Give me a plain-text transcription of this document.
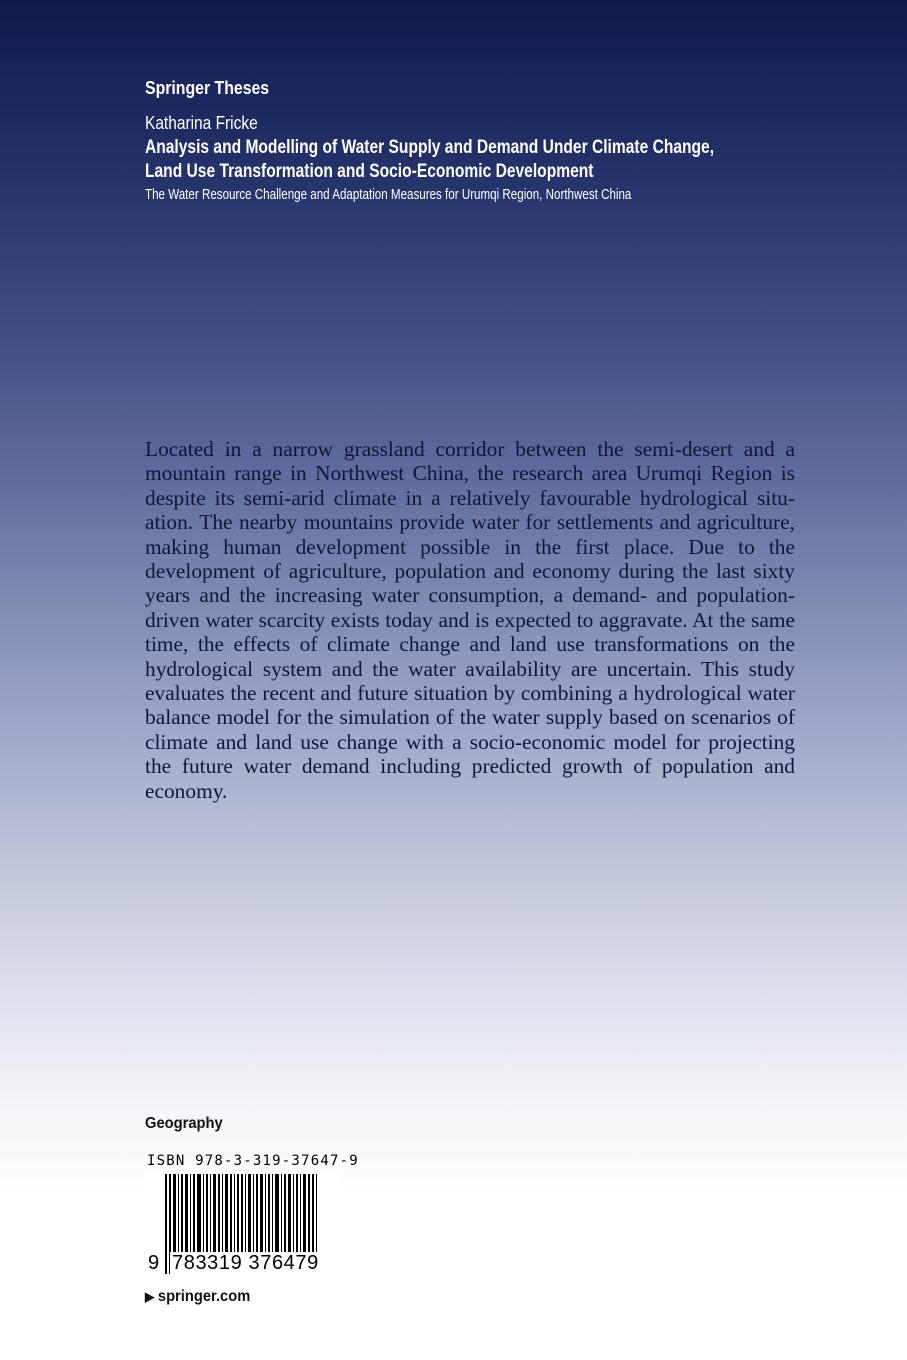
Springer Theses
Katharina Fricke
Analysis and Modelling of Water Supply and Demand Under Climate Change,
Land Use Transformation and Socio-Economic Development
The Water Resource Challenge and Adaptation Measures for Urumqi Region, Northwest China

Located in a narrow grassland corridor between the semi-desert and a mountain range in Northwest China, the research area Urumqi Region is despite its semi-arid climate in a relatively favourable hydrological situation. The nearby mountains provide water for settlements and agriculture, making human development possible in the first place. Due to the development of agriculture, population and economy during the last sixty years and the increasing water consumption, a demand- and population-driven water scarcity exists today and is expected to aggravate. At the same time, the effects of climate change and land use transformations on the hydrological system and the water availability are uncertain. This study evaluates the recent and future situation by combining a hydrological water balance model for the simulation of the water supply based on scenarios of climate and land use change with a socio-economic model for projecting the future water demand including predicted growth of population and economy.

Geography
ISBN 978-3-319-37647-9
9 783319 376479
▶ springer.com
